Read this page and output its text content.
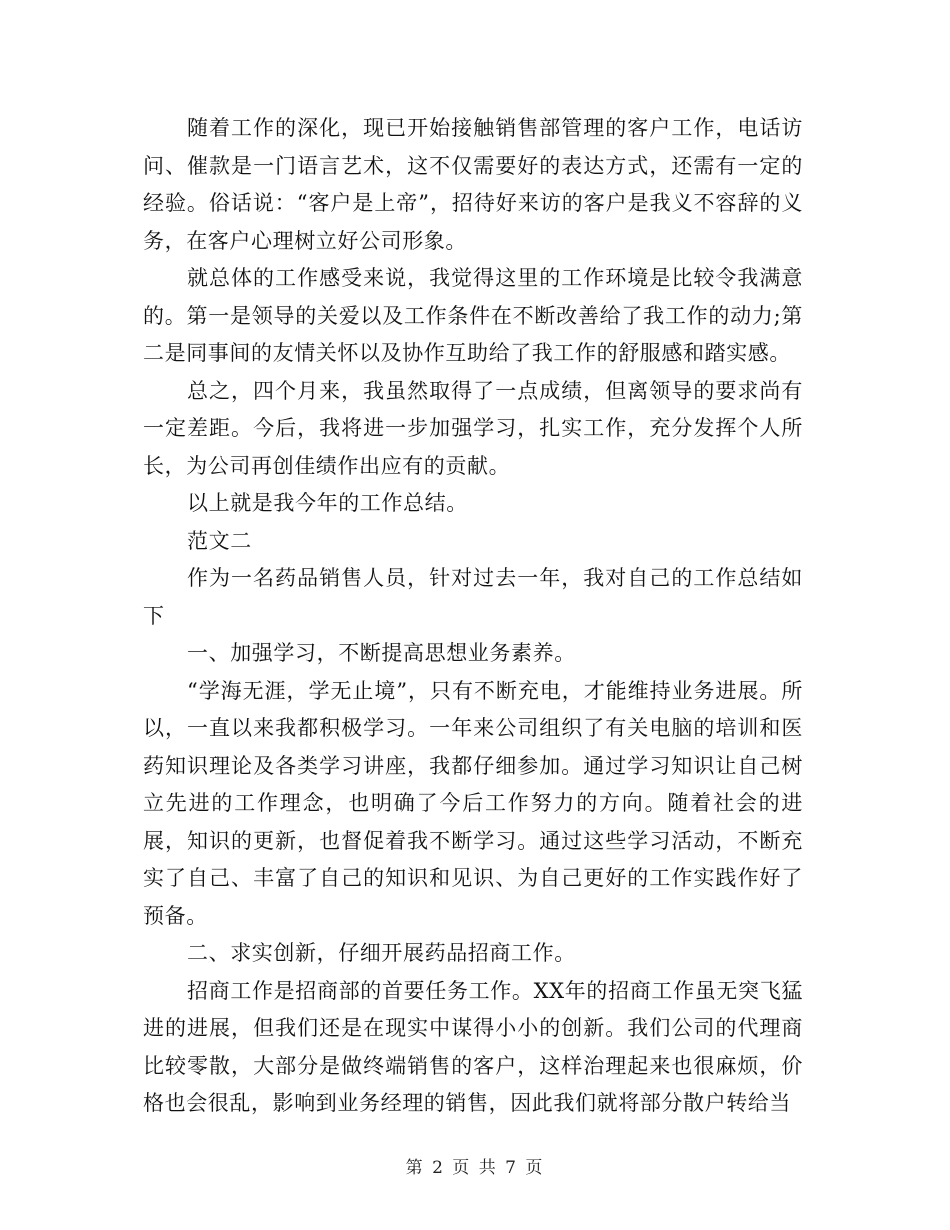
随着工作的深化，现已开始接触销售部管理的客户工作，电话访问、催款是一门语言艺术，这不仅需要好的表达方式，还需有一定的经验。俗话说：“客户是上帝”，招待好来访的客户是我义不容辞的义务，在客户心理树立好公司形象。

就总体的工作感受来说，我觉得这里的工作环境是比较令我满意的。第一是领导的关爱以及工作条件在不断改善给了我工作的动力;第二是同事间的友情关怀以及协作互助给了我工作的舒服感和踏实感。

总之，四个月来，我虽然取得了一点成绩，但离领导的要求尚有一定差距。今后，我将进一步加强学习，扎实工作，充分发挥个人所长，为公司再创佳绩作出应有的贡献。

以上就是我今年的工作总结。

范文二

作为一名药品销售人员，针对过去一年，我对自己的工作总结如下

一、加强学习，不断提高思想业务素养。

“学海无涯，学无止境”，只有不断充电，才能维持业务进展。所以，一直以来我都积极学习。一年来公司组织了有关电脑的培训和医药知识理论及各类学习讲座，我都仔细参加。通过学习知识让自己树立先进的工作理念，也明确了今后工作努力的方向。随着社会的进展，知识的更新，也督促着我不断学习。通过这些学习活动，不断充实了自己、丰富了自己的知识和见识、为自己更好的工作实践作好了预备。

二、求实创新，仔细开展药品招商工作。

招商工作是招商部的首要任务工作。XX年的招商工作虽无突飞猛进的进展，但我们还是在现实中谋得小小的创新。我们公司的代理商比较零散，大部分是做终端销售的客户，这样治理起来也很麻烦，价格也会很乱，影响到业务经理的销售，因此我们就将部分散户转给当

第 2 页 共 7 页
